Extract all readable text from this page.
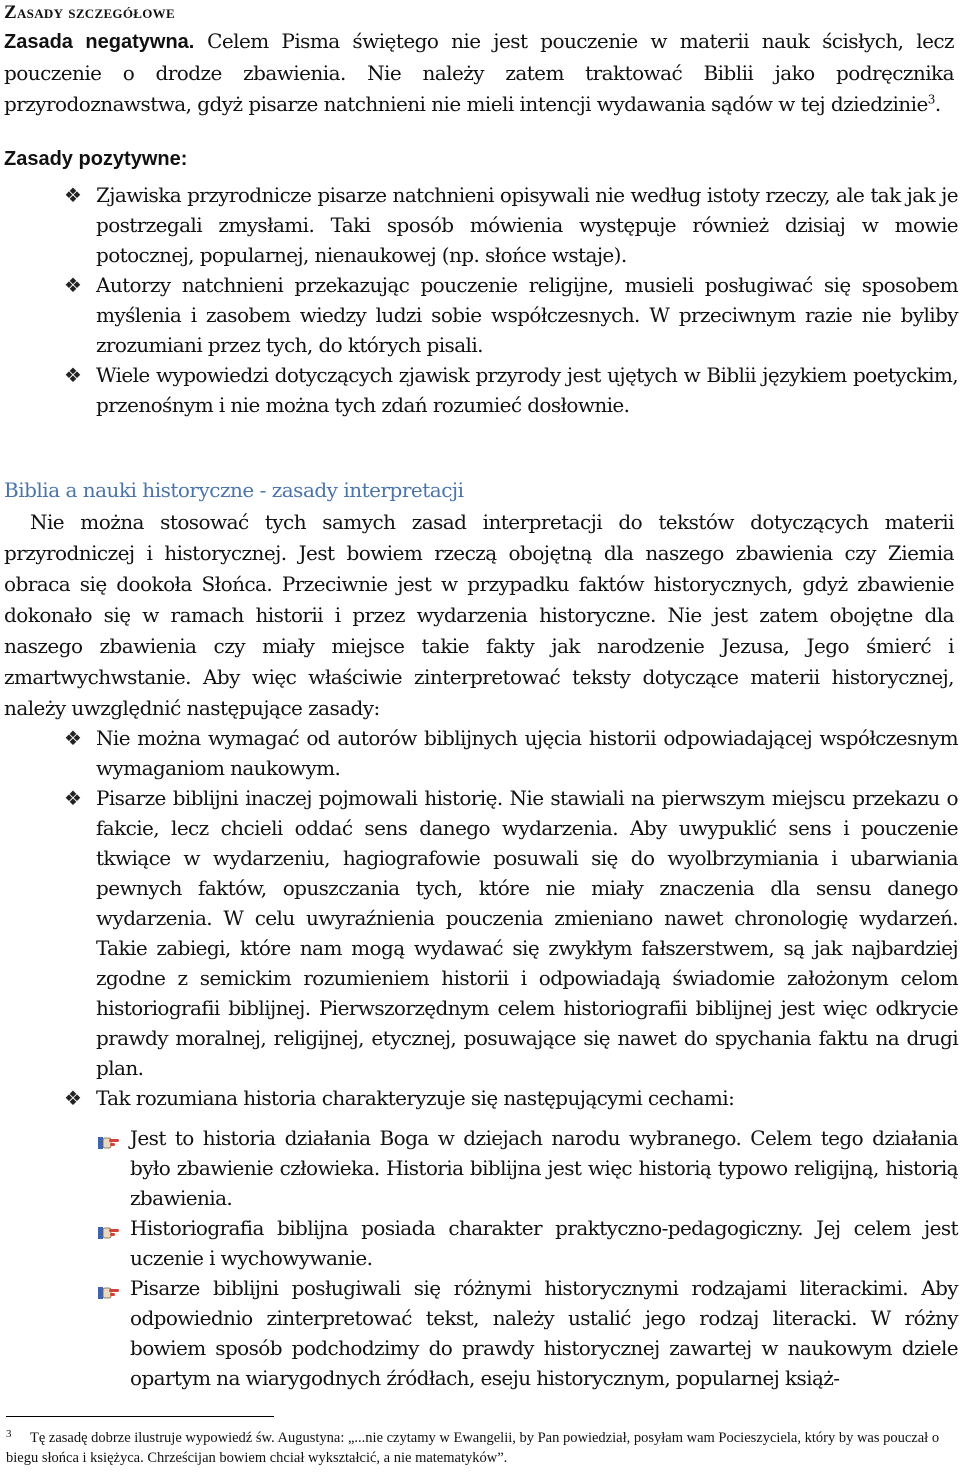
Zasady szczegółowe
Zasada negatywna. Celem Pisma świętego nie jest pouczenie w materii nauk ścisłych, lecz pouczenie o drodze zbawienia. Nie należy zatem traktować Biblii jako podręcznika przyrodoznawstwa, gdyż pisarze natchnieni nie mieli intencji wydawania sądów w tej dziedzinie$^3$.
Zasady pozytywne:
❖ Zjawiska przyrodnicze pisarze natchnieni opisywali nie według istoty rzeczy, ale tak jak je postrzegali zmysłami. Taki sposób mówienia występuje również dzisiaj w mowie potocznej, popularnej, nienaukowej (np. słońce wstaje).
❖ Autorzy natchnieni przekazując pouczenie religijne, musieli posługiwać się sposobem myślenia i zasobem wiedzy ludzi sobie współczesnych. W przeciwnym razie nie byliby zrozumiani przez tych, do których pisali.
❖ Wiele wypowiedzi dotyczących zjawisk przyrody jest ujętych w Biblii językiem poetyckim, przenośnym i nie można tych zdań rozumieć dosłownie.
Biblia a nauki historyczne - zasady interpretacji
Nie można stosować tych samych zasad interpretacji do tekstów dotyczących materii przyrodniczej i historycznej. Jest bowiem rzeczą obojętną dla naszego zbawienia czy Ziemia obraca się dookoła Słońca. Przeciwnie jest w przypadku faktów historycznych, gdyż zbawienie dokonało się w ramach historii i przez wydarzenia historyczne. Nie jest zatem obojętne dla naszego zbawienia czy miały miejsce takie fakty jak narodzenie Jezusa, Jego śmierć i zmartwychwstanie. Aby więc właściwie zinterpretować teksty dotyczące materii historycznej, należy uwzględnić następujące zasady:
❖ Nie można wymagać od autorów biblijnych ujęcia historii odpowiadającej współczesnym wymaganiom naukowym.
❖ Pisarze biblijni inaczej pojmowali historię. Nie stawiali na pierwszym miejscu przekazu o fakcie, lecz chcieli oddać sens danego wydarzenia. Aby uwypuklić sens i pouczenie tkwiące w wydarzeniu, hagiografowie posuwali się do wyolbrzymiania i ubarwiania pewnych faktów, opuszczania tych, które nie miały znaczenia dla sensu danego wydarzenia. W celu uwyraźnienia pouczenia zmieniano nawet chronologię wydarzeń. Takie zabiegi, które nam mogą wydawać się zwykłym fałszerstwem, są jak najbardziej zgodne z semickim rozumieniem historii i odpowiadają świadomie założonym celom historiografii biblijnej. Pierwszorzędnym celem historiografii biblijnej jest więc odkrycie prawdy moralnej, religijnej, etycznej, posuwające się nawet do spychania faktu na drugi plan.
❖ Tak rozumiana historia charakteryzuje się następującymi cechami:
Jest to historia działania Boga w dziejach narodu wybranego. Celem tego działania było zbawienie człowieka. Historia biblijna jest więc historią typowo religijną, historią zbawienia.
Historiografia biblijna posiada charakter praktyczno-pedagogiczny. Jej celem jest uczenie i wychowywanie.
Pisarze biblijni posługiwali się różnymi historycznymi rodzajami literackimi. Aby odpowiednio zinterpretować tekst, należy ustalić jego rodzaj literacki. W różny bowiem sposób podchodzimy do prawdy historycznej zawartej w naukowym dziele opartym na wiarygodnych źródłach, eseju historycznym, popularnej książ-
3	Tę zasadę dobrze ilustruje wypowiedź św. Augustyna: „...nie czytamy w Ewangelii, by Pan powiedział, posyłam wam Pocieszyciela, który by was pouczał o biegu słońca i księżyca. Chrześcijan bowiem chciał wykształcić, a nie matematyków”.
